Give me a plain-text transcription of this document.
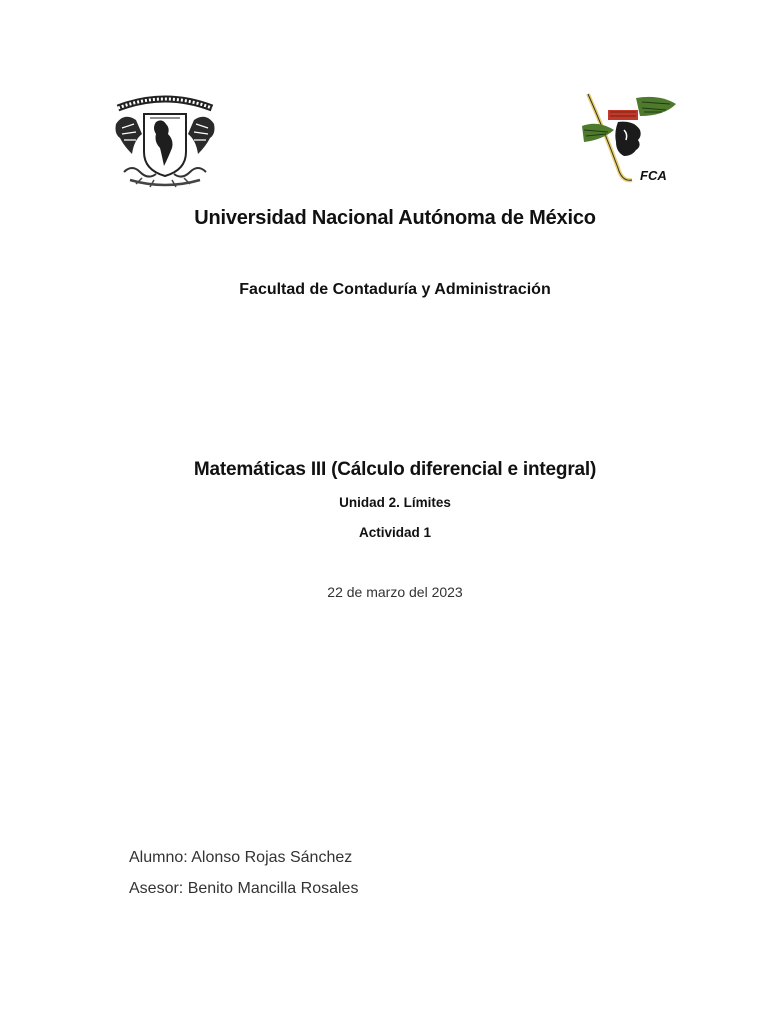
FCA
Universidad Nacional Autónoma de México
Facultad de Contaduría y Administración
Matemáticas III (Cálculo diferencial e integral)
Unidad 2. Límites
Actividad 1
22 de marzo del 2023
Alumno: Alonso Rojas Sánchez
Asesor: Benito Mancilla Rosales
